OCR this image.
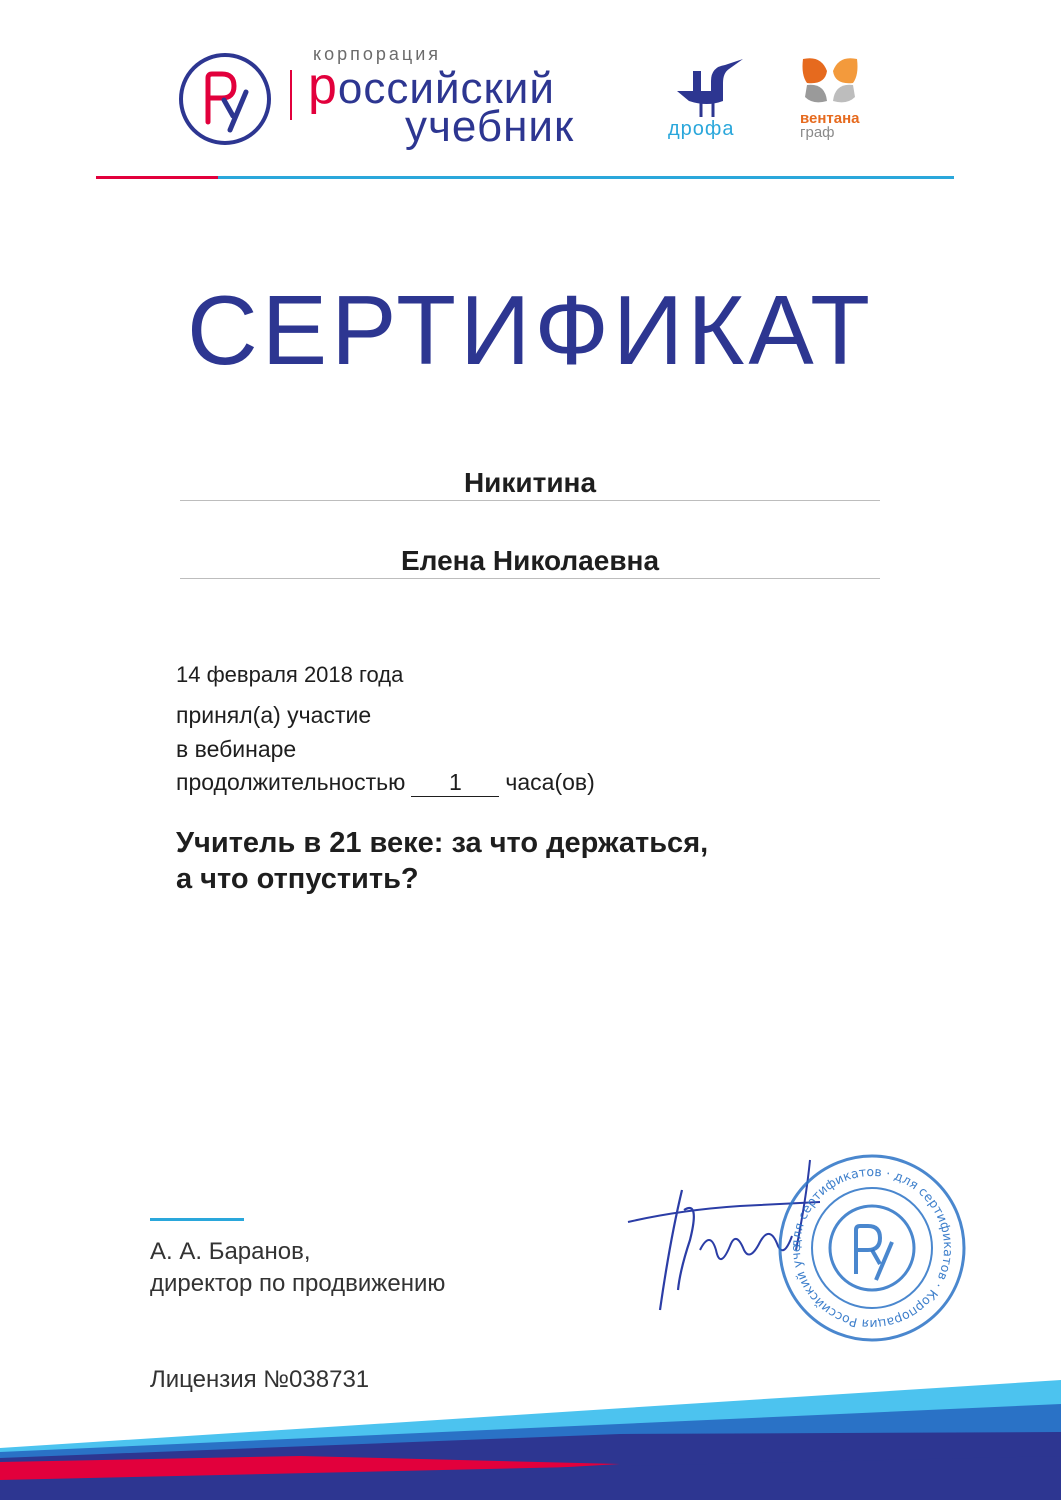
корпорация
российский
учебник	дрофа	вентана
граф
СЕРТИФИКАТ
Никитина
Елена Николаевна
14 февраля 2018 года
принял(а) участие
в вебинаре
продолжительностью 1 часа(ов)
Учитель в 21 веке: за что держаться,
а что отпустить?
А. А. Баранов,
директор по продвижению
Лицензия №038731
для сертификатов · для сертификатов · Корпорация Российский уче
